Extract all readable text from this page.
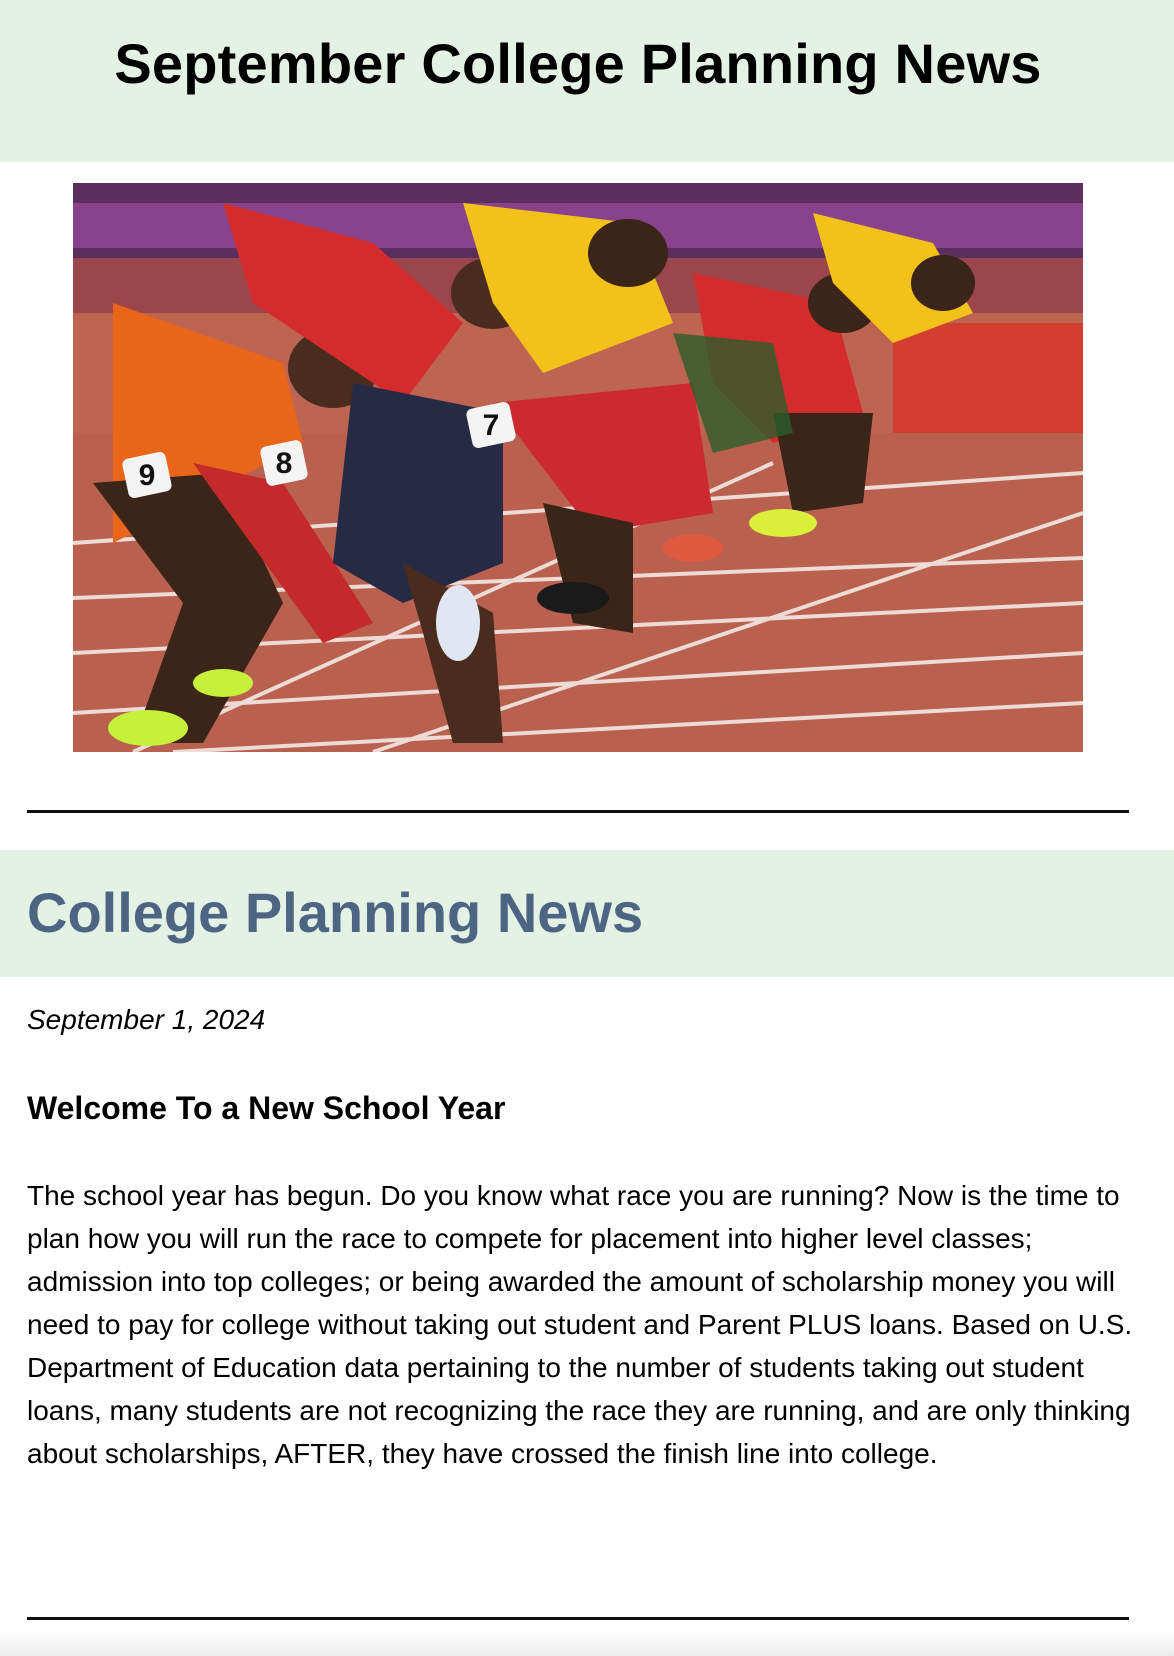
September College Planning News
9	8
7
College Planning News
September 1, 2024
Welcome To a New School Year

The school year has begun. Do you know what race you are running? Now is the time to plan how you will run the race to compete for placement into higher level classes; admission into top colleges; or being awarded the amount of scholarship money you will need to pay for college without taking out student and Parent PLUS loans. Based on U.S. Department of Education data pertaining to the number of students taking out student loans, many students are not recognizing the race they are running, and are only thinking about scholarships, AFTER, they have crossed the finish line into college.
